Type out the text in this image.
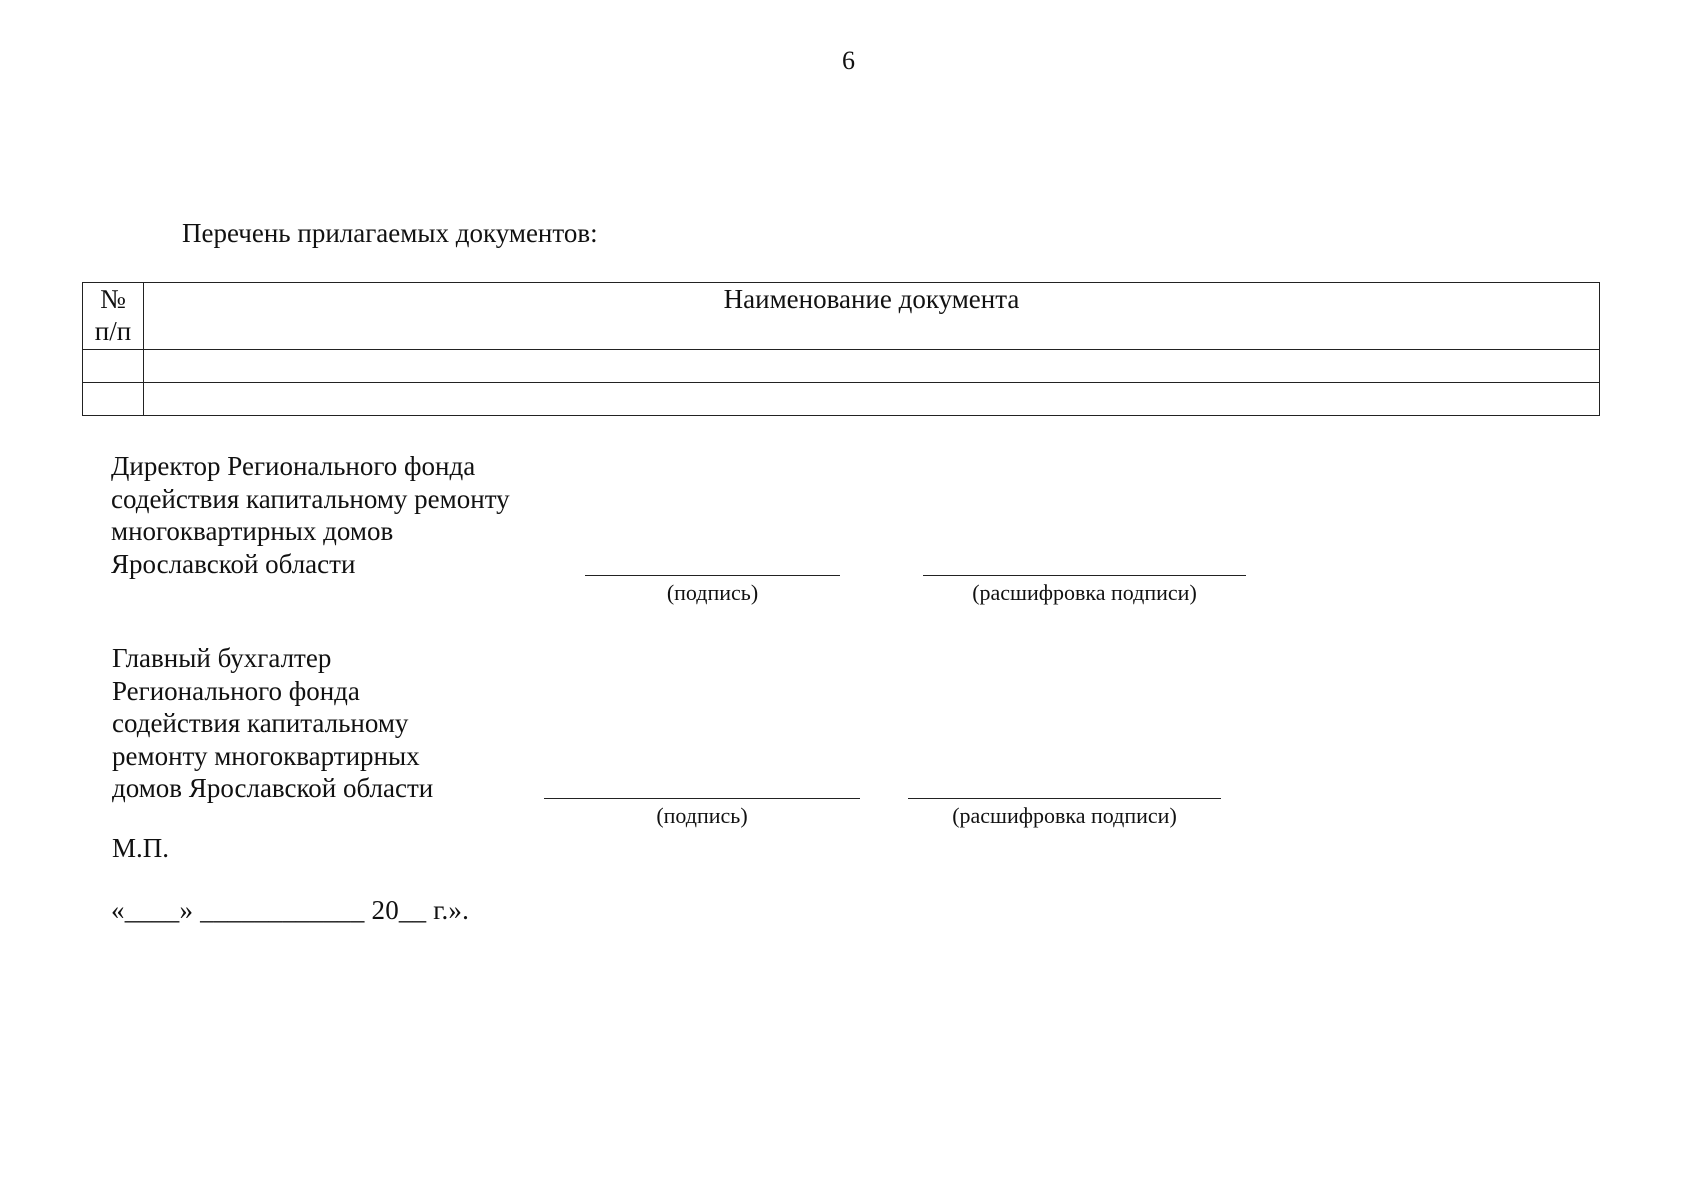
6
Перечень прилагаемых документов:
№
п/п	Наименование документа

Директор Регионального фонда
содействия капитальному ремонту
многоквартирных домов
Ярославской области
(подпись)	(расшифровка подписи)
Главный бухгалтер
Регионального фонда
содействия капитальному
ремонту многоквартирных
домов Ярославской области
(подпись)	(расшифровка подписи)
М.П.
«____» ____________ 20__ г.».
